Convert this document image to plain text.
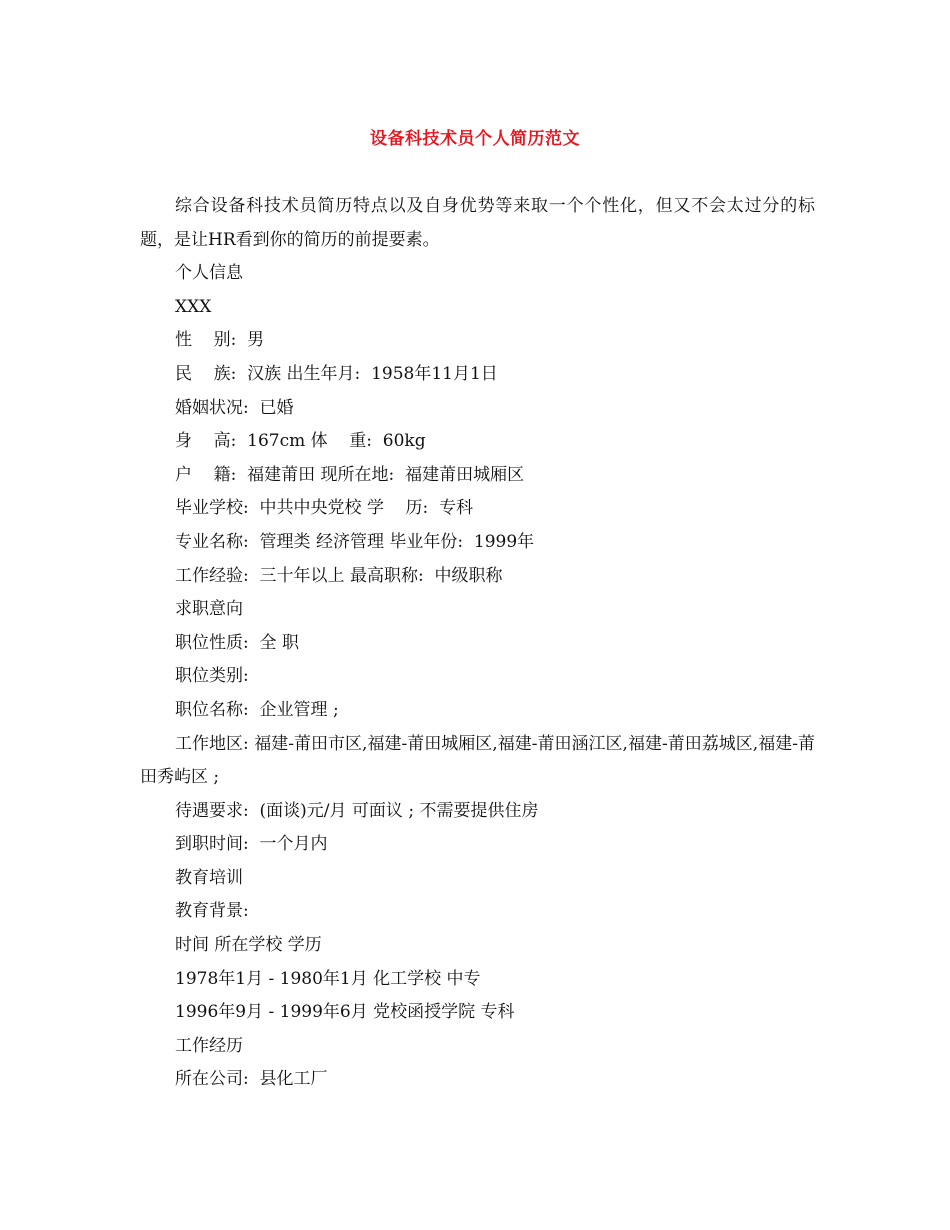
设备科技术员个人简历范文

综合设备科技术员简历特点以及自身优势等来取一个个性化，但又不会太过分的标题，是让HR看到你的简历的前提要素。

个人信息

XXX

性    别:  男

民    族:  汉族 出生年月:  1958年11月1日

婚姻状况:  已婚

身    高:  167cm 体    重:  60kg

户    籍:  福建莆田 现所在地:  福建莆田城厢区

毕业学校:  中共中央党校 学    历:  专科

专业名称:  管理类 经济管理 毕业年份:  1999年

工作经验:  三十年以上 最高职称:  中级职称

求职意向

职位性质:  全 职

职位类别:

职位名称:  企业管理 ;

工作地区: 福建-莆田市区,福建-莆田城厢区,福建-莆田涵江区,福建-莆田荔城区,福建-莆田秀屿区 ;

待遇要求:  (面谈)元/月 可面议 ; 不需要提供住房

到职时间:  一个月内

教育培训

教育背景:

时间 所在学校 学历

1978年1月 - 1980年1月 化工学校 中专

1996年9月 - 1999年6月 党校函授学院 专科

工作经历

所在公司:  县化工厂
